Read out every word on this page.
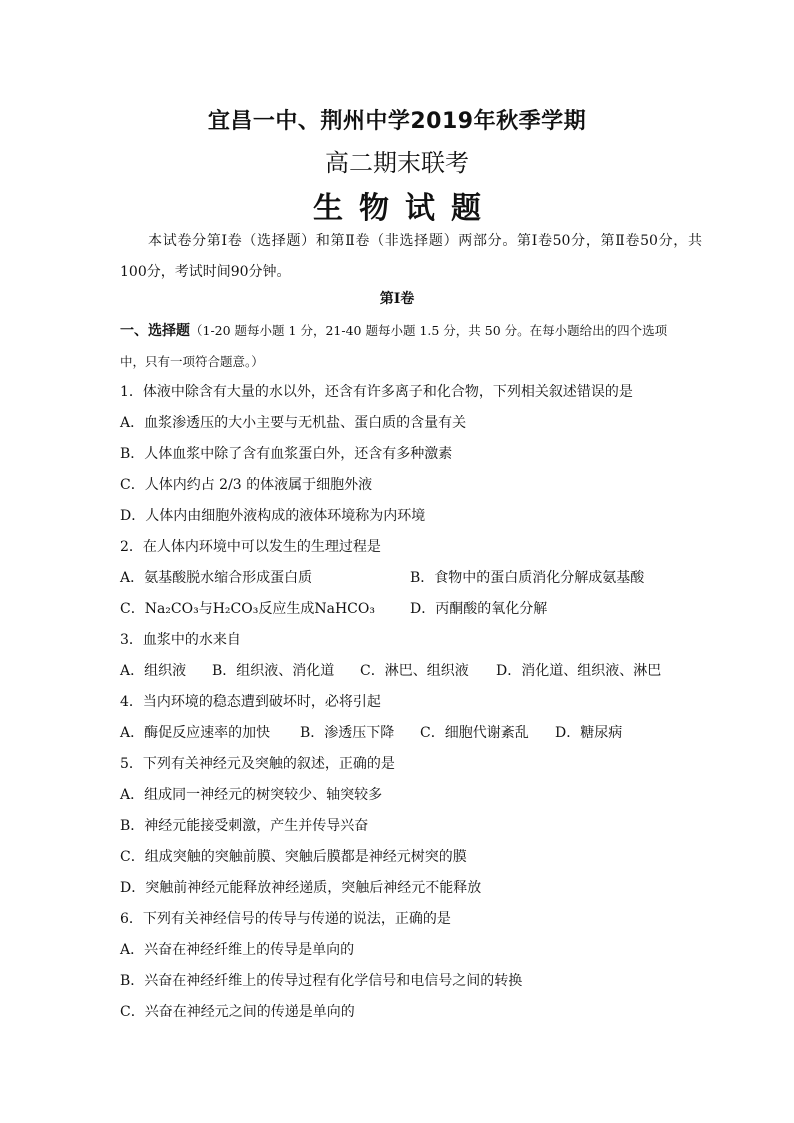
宜昌一中、荆州中学2019年秋季学期
高二期末联考
生物试题
本试卷分第Ⅰ卷（选择题）和第Ⅱ卷（非选择题）两部分。第Ⅰ卷50分，第Ⅱ卷50分，共100分，考试时间90分钟。
第Ⅰ卷
一、选择题（1-20 题每小题 1 分，21-40 题每小题 1.5 分，共 50 分。在每小题给出的四个选项
中，只有一项符合题意。）
1．体液中除含有大量的水以外，还含有许多离子和化合物，下列相关叙述错误的是
A．血浆渗透压的大小主要与无机盐、蛋白质的含量有关
B．人体血浆中除了含有血浆蛋白外，还含有多种激素
C．人体内约占 2/3 的体液属于细胞外液
D．人体内由细胞外液构成的液体环境称为内环境
2．在人体内环境中可以发生的生理过程是
A．氨基酸脱水缩合形成蛋白质	B．食物中的蛋白质消化分解成氨基酸
C．Na₂CO₃与H₂CO₃反应生成NaHCO₃	D．丙酮酸的氧化分解
3．血浆中的水来自
A．组织液	B．组织液、消化道	C．淋巴、组织液	D．消化道、组织液、淋巴
4．当内环境的稳态遭到破坏时，必将引起
A．酶促反应速率的加快	B．渗透压下降	C．细胞代谢紊乱	D．糖尿病
5．下列有关神经元及突触的叙述，正确的是
A．组成同一神经元的树突较少、轴突较多
B．神经元能接受刺激，产生并传导兴奋
C．组成突触的突触前膜、突触后膜都是神经元树突的膜
D．突触前神经元能释放神经递质，突触后神经元不能释放
6．下列有关神经信号的传导与传递的说法，正确的是
A．兴奋在神经纤维上的传导是单向的
B．兴奋在神经纤维上的传导过程有化学信号和电信号之间的转换
C．兴奋在神经元之间的传递是单向的
